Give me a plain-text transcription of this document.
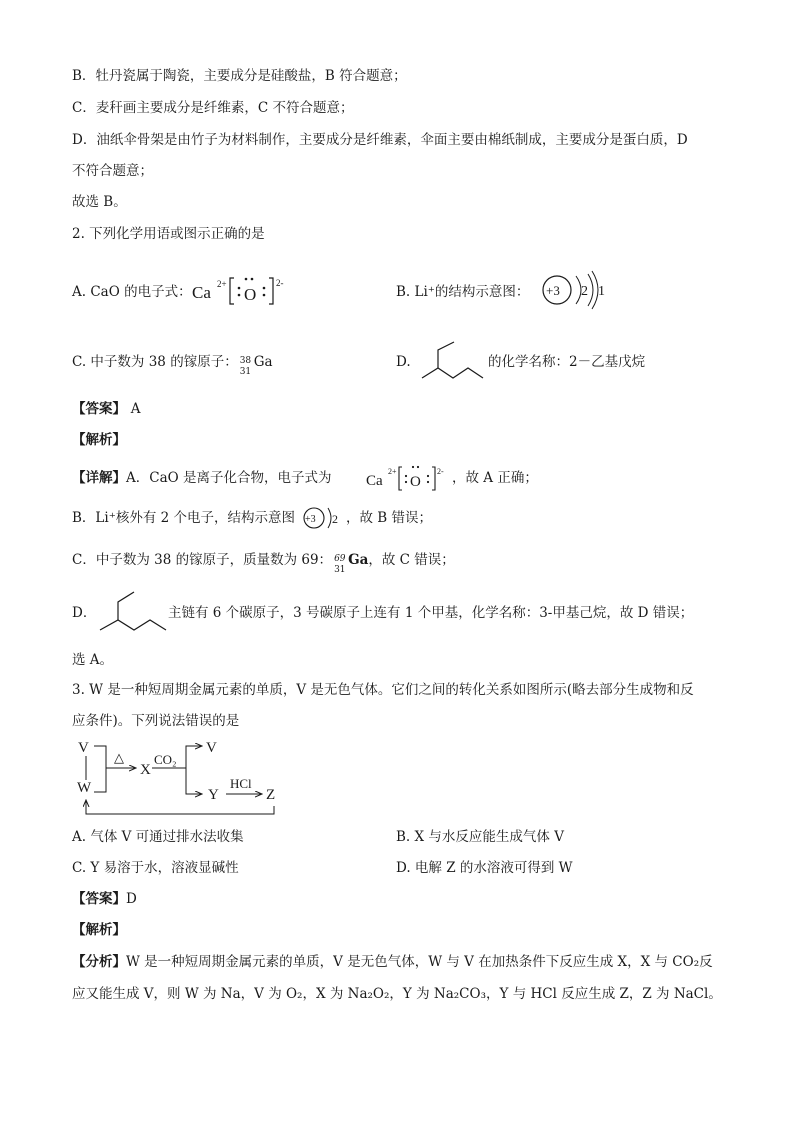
B．牡丹瓷属于陶瓷，主要成分是硅酸盐，B 符合题意；
C．麦秆画主要成分是纤维素，C 不符合题意；
D．油纸伞骨架是由竹子为材料制作，主要成分是纤维素，伞面主要由棉纸制成，主要成分是蛋白质，D
不符合题意；
故选 B。
2. 下列化学用语或图示正确的是
A. CaO 的电子式： Ca 2+
O
2-
B. Li⁺的结构示意图： +3 2 1
C. 中子数为 38 的镓原子： 38
31
Ga	D.	的化学名称：2－乙基戊烷
【答案】 A
【解析】
【详解】A．CaO 是离子化合物，电子式为 Ca
2+
O
2- ，故 A 正确；
B．Li⁺核外有 2 个电子，结构示意图 +3 2 ，故 B 错误；
C．中子数为 38 的镓原子，质量数为 69： 69
31
Ga，故 C 错误；
D．	主链有 6 个碳原子，3 号碳原子上连有 1 个甲基，化学名称：3-甲基己烷，故 D 错误；
选 A。
3. W 是一种短周期金属元素的单质，V 是无色气体。它们之间的转化关系如图所示(略去部分生成物和反
应条件)。下列说法错误的是
V
W
△
X
CO₂
V
Y
HCl
Z
A. 气体 V 可通过排水法收集	B. X 与水反应能生成气体 V
C. Y 易溶于水，溶液显碱性	D. 电解 Z 的水溶液可得到 W
【答案】D
【解析】
【分析】W 是一种短周期金属元素的单质，V 是无色气体，W 与 V 在加热条件下反应生成 X，X 与 CO₂反
应又能生成 V，则 W 为 Na，V 为 O₂，X 为 Na₂O₂，Y 为 Na₂CO₃，Y 与 HCl 反应生成 Z，Z 为 NaCl。
